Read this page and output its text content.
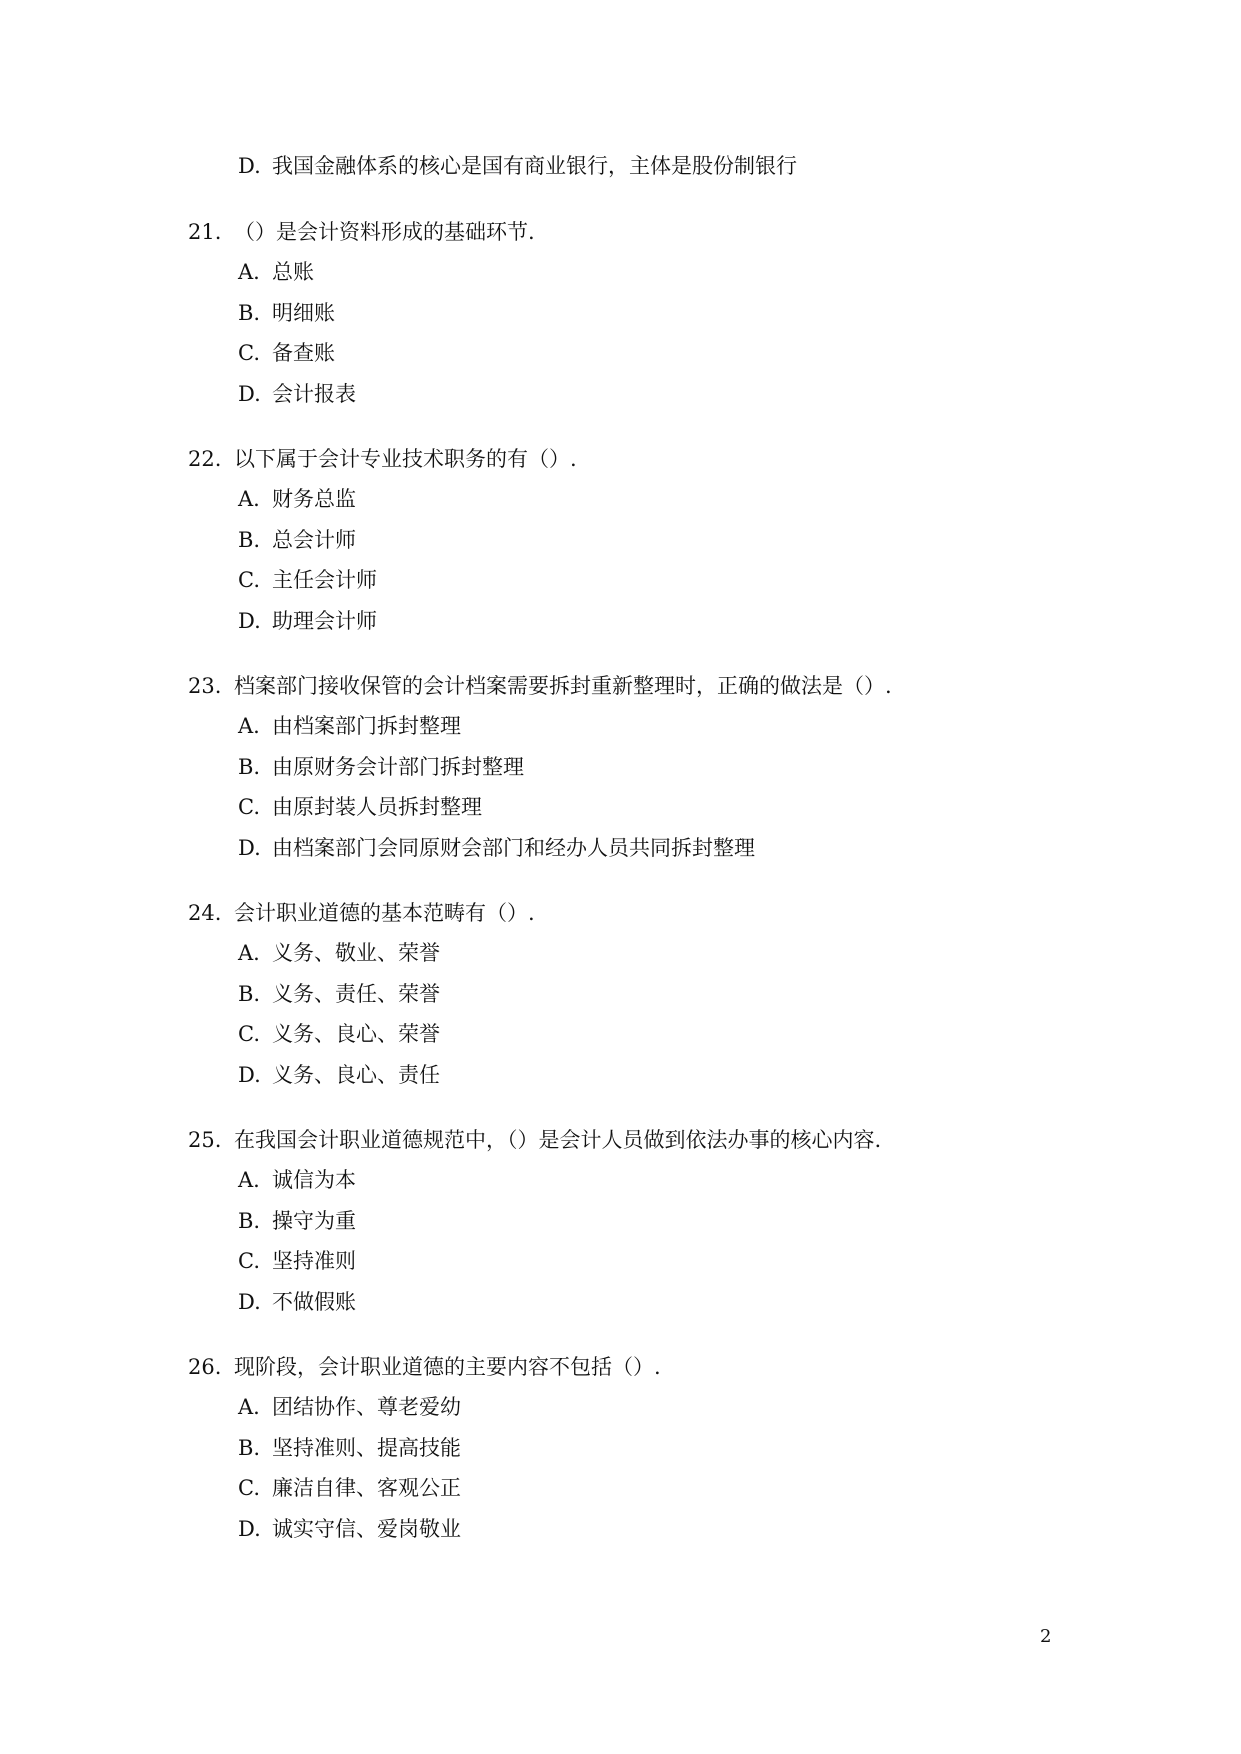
D. 我国金融体系的核心是国有商业银行，主体是股份制银行
21. （）是会计资料形成的基础环节.
A. 总账
B. 明细账
C. 备查账
D. 会计报表
22. 以下属于会计专业技术职务的有（）.
A. 财务总监
B. 总会计师
C. 主任会计师
D. 助理会计师
23. 档案部门接收保管的会计档案需要拆封重新整理时，正确的做法是（）.
A. 由档案部门拆封整理
B. 由原财务会计部门拆封整理
C. 由原封装人员拆封整理
D. 由档案部门会同原财会部门和经办人员共同拆封整理
24. 会计职业道德的基本范畴有（）.
A. 义务、敬业、荣誉
B. 义务、责任、荣誉
C. 义务、良心、荣誉
D. 义务、良心、责任
25. 在我国会计职业道德规范中，（）是会计人员做到依法办事的核心内容.
A. 诚信为本
B. 操守为重
C. 坚持准则
D. 不做假账
26. 现阶段，会计职业道德的主要内容不包括（）.
A. 团结协作、尊老爱幼
B. 坚持准则、提高技能
C. 廉洁自律、客观公正
D. 诚实守信、爱岗敬业
2
